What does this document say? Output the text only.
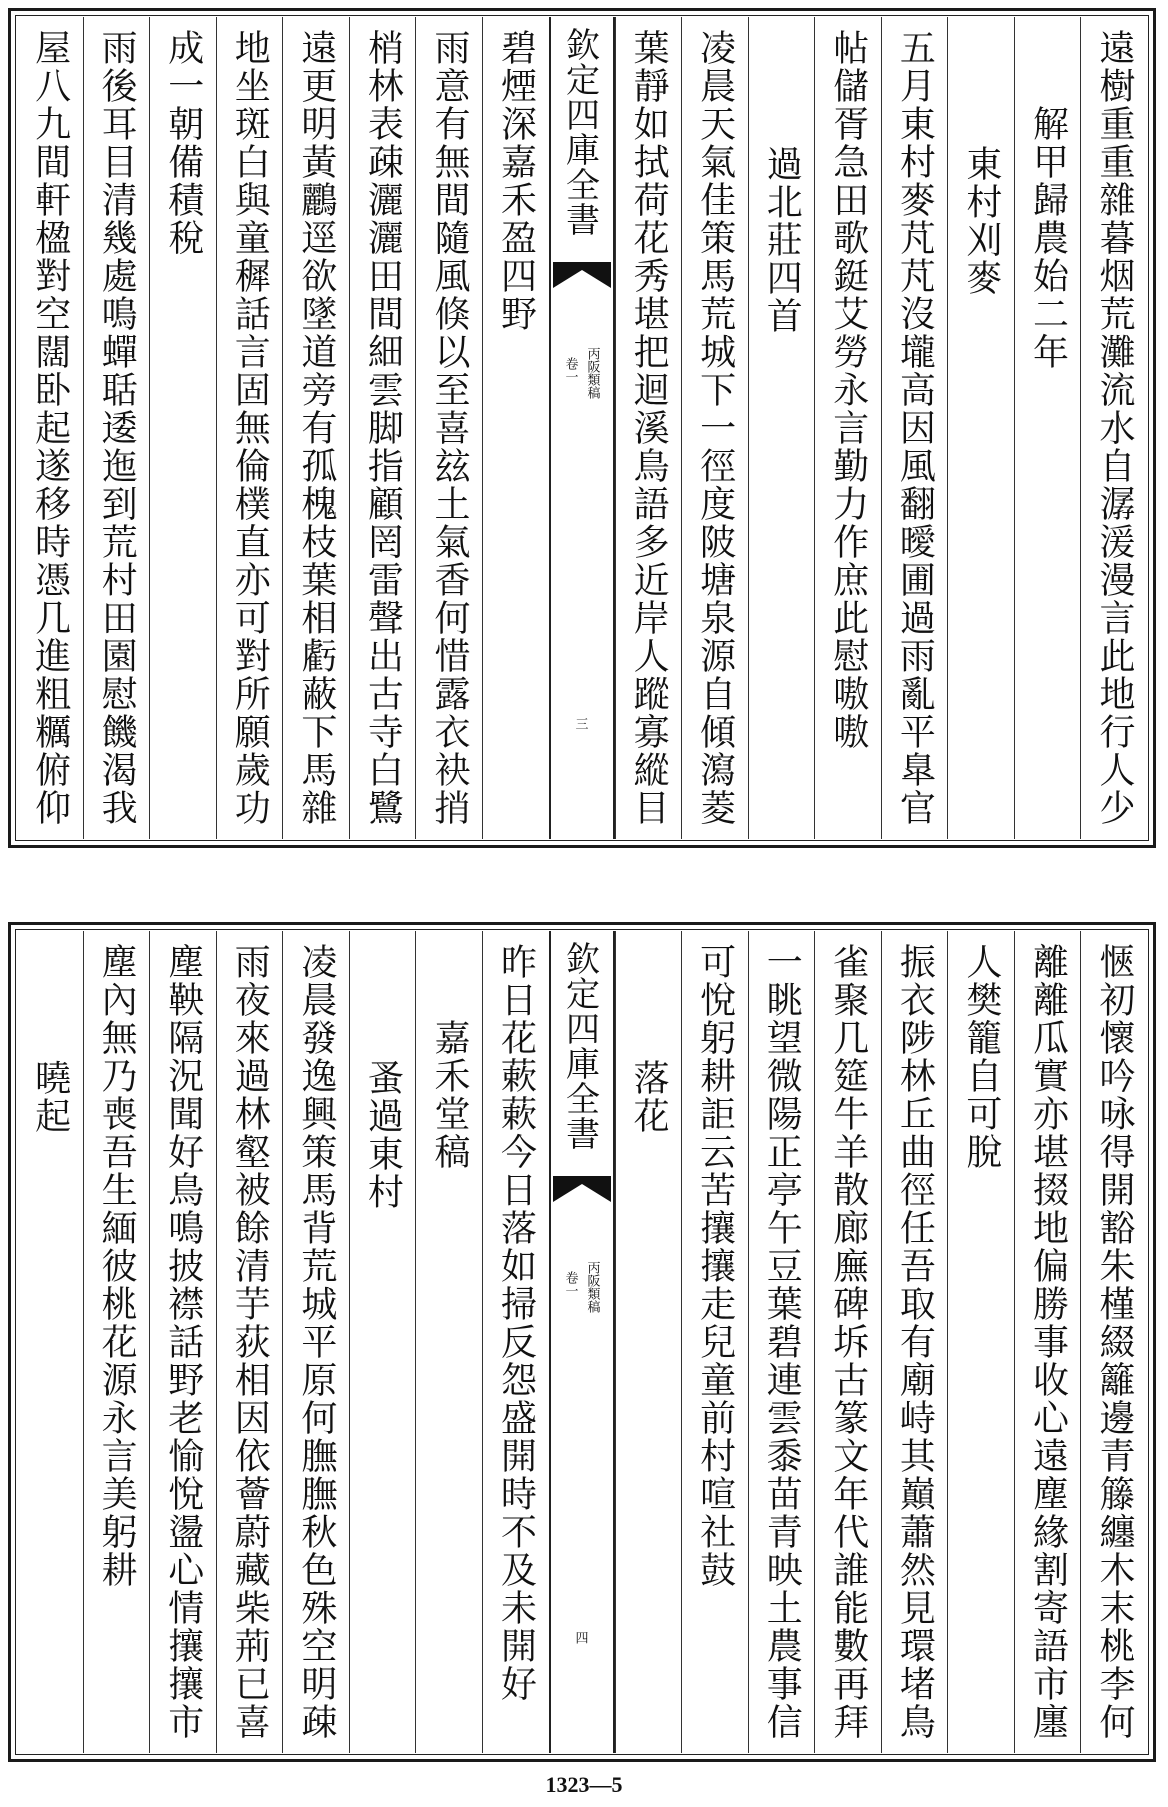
遠樹重重雜暮烟荒灘流水自潺湲漫言此地行人少
解甲歸農始二年
東村刈麥
五月東村麥芃芃沒壠高因風翻曖圃過雨亂平臯官
帖儲胥急田歌鋌艾勞永言勤力作庶此慰嗷嗷
過北莊四首
凌晨天氣佳策馬荒城下一徑度陂塘泉源自傾瀉菱
葉靜如拭荷花秀堪把迴溪鳥語多近岸人蹤寡縱目
欽定四庫全書
丙阪類稿
卷一
三
碧煙深嘉禾盈四野
雨意有無間隨風倏以至喜玆土氣香何惜露衣袂捎
梢林表疎灑灑田間細雲脚指顧罔雷聲出古寺白鷺
遠更明黃鸝逕欲墜道旁有孤槐枝葉相虧蔽下馬雜
地坐斑白與童穉話言固無倫樸直亦可對所願歲功
成一朝備積稅
雨後耳目清幾處鳴蟬聒逶迤到荒村田園慰饑渴我
屋八九間軒楹對空闊卧起遂移時憑几進粗糲俯仰
愜初懷吟咏得開豁朱槿綴籬邊青籐纏木末桃李何
離離瓜實亦堪掇地偏勝事收心遠塵緣割寄語市廛
人樊籠自可脫
振衣陟林丘曲徑任吾取有廟峙其巔蕭然見環堵鳥
雀聚几筵牛羊散廊廡碑坼古篆文年代誰能數再拜
一眺望微陽正亭午豆葉碧連雲黍苗青映土農事信
可悅躬耕詎云苦攘攘走兒童前村喧社鼓
落花
欽定四庫全書
丙阪類稿
卷一
四
昨日花蔌蔌今日落如掃反怨盛開時不及未開好
嘉禾堂稿
蚤過東村
凌晨發逸興策馬背荒城平原何膴膴秋色殊空明疎
雨夜來過林壑被餘清芋荻相因依薈蔚藏柴荊已喜
塵鞅隔況聞好鳥鳴披襟話野老愉悅盪心情攘攘市
塵內無乃喪吾生緬彼桃花源永言美躬耕
曉起
1323—5
